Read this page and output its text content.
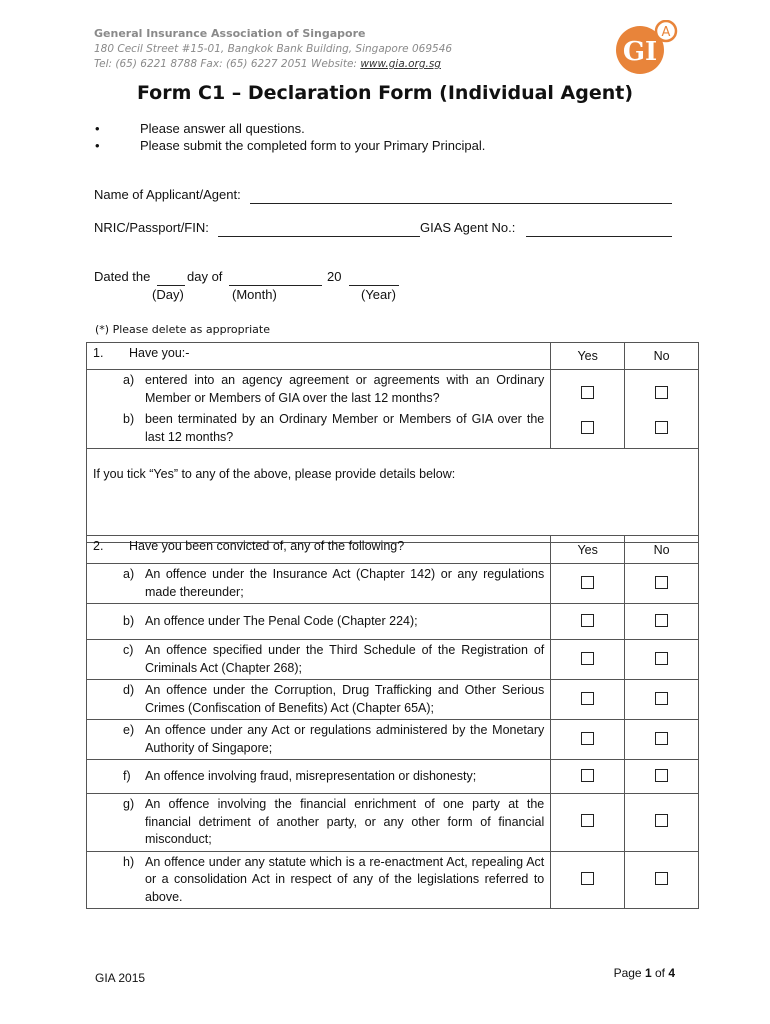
General Insurance Association of Singapore
180 Cecil Street #15-01, Bangkok Bank Building, Singapore 069546
Tel: (65) 6221 8788 Fax: (65) 6227 2051 Website: www.gia.org.sg	GI
A
Form C1 – Declaration Form (Individual Agent)
•	Please answer all questions.
•	Please submit the completed form to your Primary Principal.
Name of Applicant/Agent:
NRIC/Passport/FIN:	GIAS Agent No.:
Dated the	day of	20
(Day)	(Month)	(Year)
(*) Please delete as appropriate
1. Have you:-	Yes	No

a) entered into an agency agreement or agreements with an Ordinary Member or Members of GIA over the last 12 months?
b) been terminated by an Ordinary Member or Members of GIA over the last 12 months?		

If you tick “Yes” to any of the above, please provide details below:		
2. Have you been convicted of, any of the following?	Yes	No

a) An offence under the Insurance Act (Chapter 142) or any regulations made thereunder;		

b) An offence under The Penal Code (Chapter 224);		

c) An offence specified under the Third Schedule of the Registration of Criminals Act (Chapter 268);		

d) An offence under the Corruption, Drug Trafficking and Other Serious Crimes (Confiscation of Benefits) Act (Chapter 65A);		

e) An offence under any Act or regulations administered by the Monetary Authority of Singapore;		

f) An offence involving fraud, misrepresentation or dishonesty;		

g) An offence involving the financial enrichment of one party at the financial detriment of another party, or any other form of financial misconduct;		

h) An offence under any statute which is a re-enactment Act, repealing Act or a consolidation Act in respect of any of the legislations referred to above.		

GIA 2015	Page 1 of 4
